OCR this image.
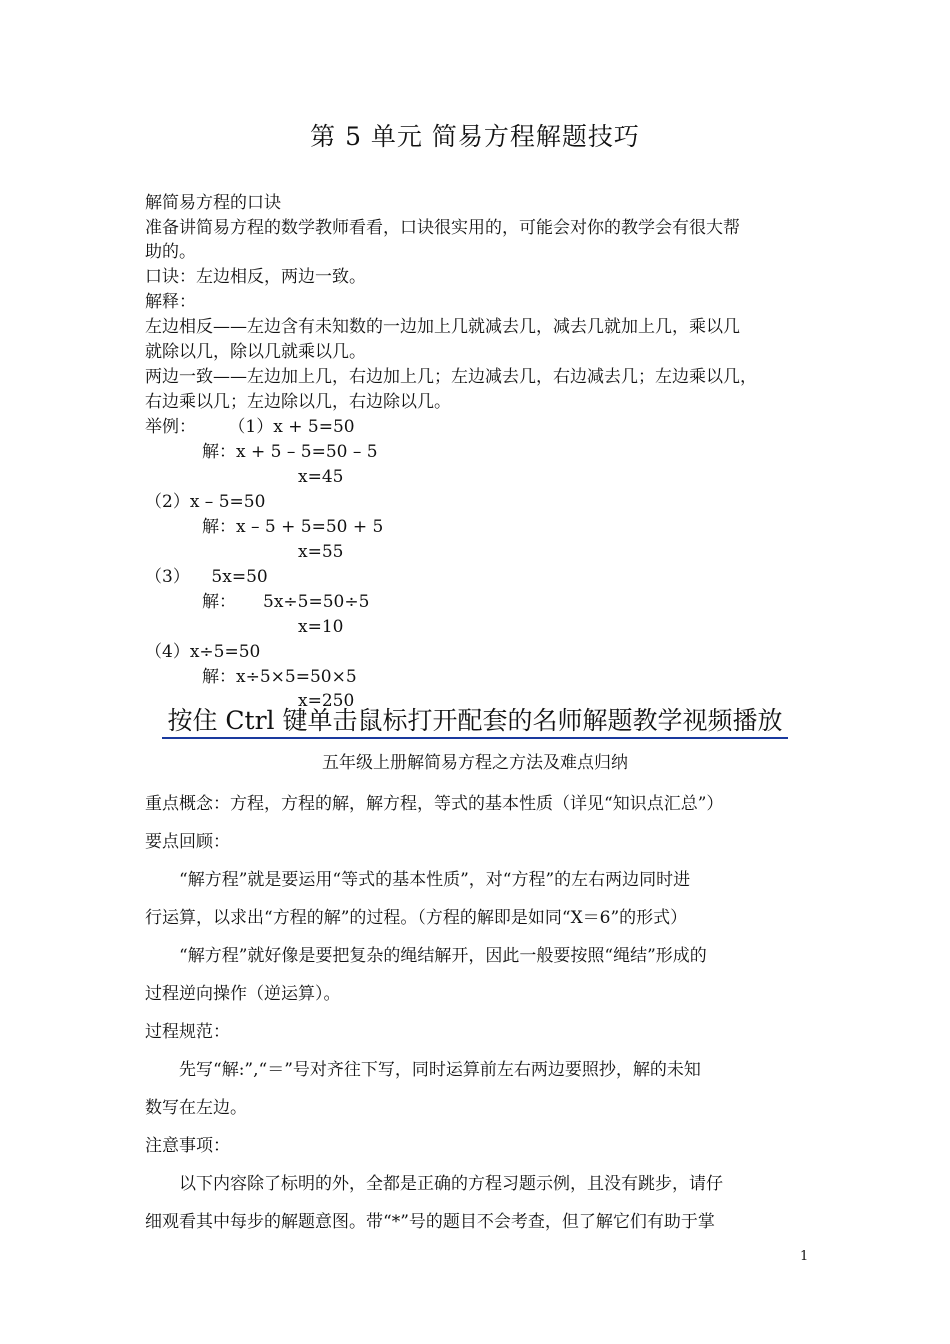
第 5 单元 简易方程解题技巧
解简易方程的口诀
准备讲简易方程的数学教师看看，口诀很实用的，可能会对你的教学会有很大帮
助的。
口诀：左边相反，两边一致。
解释：
左边相反——左边含有未知数的一边加上几就减去几，减去几就加上几，乘以几
就除以几，除以几就乘以几。
两边一致——左边加上几，右边加上几；左边减去几，右边减去几；左边乘以几，
右边乘以几；左边除以几，右边除以几。
举例：      （1）x + 5=50
解：x + 5 – 5=50 – 5
x=45
（2）x – 5=50
解：x – 5 + 5=50 + 5
x=55
（3）    5x=50
解：     5x÷5=50÷5
x=10
（4）x÷5=50
解：x÷5×5=50×5
x=250
按住 Ctrl 键单击鼠标打开配套的名师解题教学视频播放
五年级上册解简易方程之方法及难点归纳
重点概念：方程，方程的解，解方程，等式的基本性质（详见“知识点汇总”）
要点回顾：
“解方程”就是要运用“等式的基本性质”，对“方程”的左右两边同时进
行运算，以求出“方程的解”的过程。（方程的解即是如同“X＝6”的形式）
“解方程”就好像是要把复杂的绳结解开，因此一般要按照“绳结”形成的
过程逆向操作（逆运算）。
过程规范：
先写“解:”,“＝”号对齐往下写，同时运算前左右两边要照抄，解的未知
数写在左边。
注意事项：
以下内容除了标明的外，全都是正确的方程习题示例，且没有跳步，请仔
细观看其中每步的解题意图。带“*”号的题目不会考查，但了解它们有助于掌
1
